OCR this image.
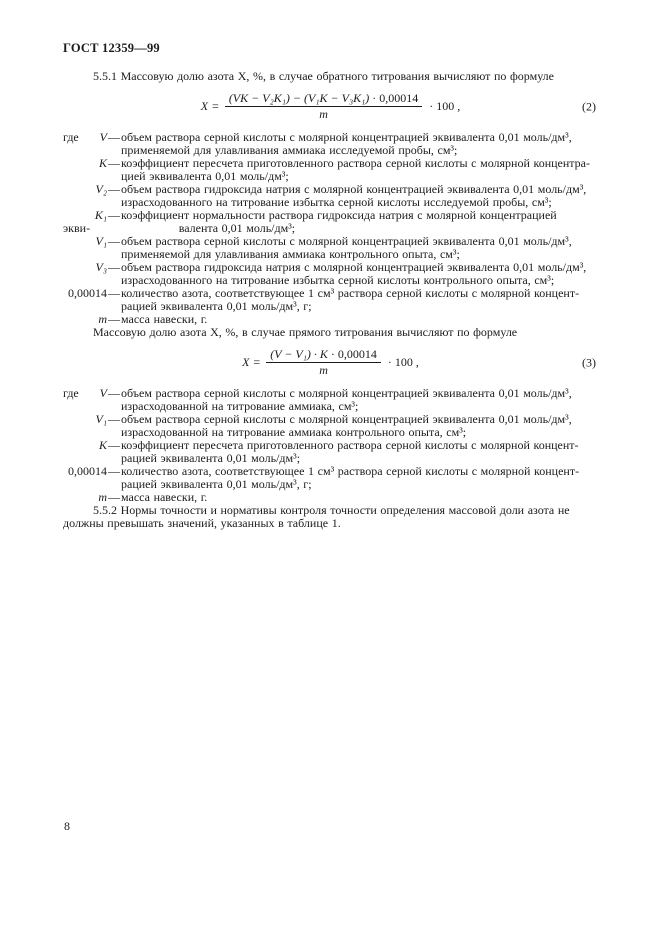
ГОСТ 12359—99

5.5.1 Массовую долю азота X, %, в случае обратного титрования вычисляют по формуле

$X = \frac{\text{(VK − V₂K₁) − (V₁K − V₃K₁) · 0,00014}}{m} \cdot 100$ ,	(2)
где	V — объем раствора серной кислоты с молярной концентрацией эквивалента 0,01 моль/дм³,
применяемой для улавливания аммиака исследуемой пробы, см³;
K — коэффициент пересчета приготовленного раствора серной кислоты с молярной концентра-
цией эквивалента 0,01 моль/дм³;
V₂ — объем раствора гидроксида натрия с молярной концентрацией эквивалента 0,01 моль/дм³,
израсходованного на титрование избытка серной кислоты исследуемой пробы, см³;
K₁ — коэффициент нормальности раствора гидроксида натрия с молярной концентрацией
экви-	валента 0,01 моль/дм³;
V₁ — объем раствора серной кислоты с молярной концентрацией эквивалента 0,01 моль/дм³,
применяемой для улавливания аммиака контрольного опыта, см³;
V₃ — объем раствора гидроксида натрия с молярной концентрацией эквивалента 0,01 моль/дм³,
израсходованного на титрование избытка серной кислоты контрольного опыта, см³;
0,00014 — количество азота, соответствующее 1 см³ раствора серной кислоты с молярной концент-
рацией эквивалента 0,01 моль/дм³, г;
m — масса навески, г.

Массовую долю азота X, %, в случае прямого титрования вычисляют по формуле

$X = \frac{\text{(V − V₁) · K · 0,00014}}{m} \cdot 100$ ,	(3)
где	V — объем раствора серной кислоты с молярной концентрацией эквивалента 0,01 моль/дм³,
израсходованной на титрование аммиака, см³;
V₁ — объем раствора серной кислоты с молярной концентрацией эквивалента 0,01 моль/дм³,
израсходованной на титрование аммиака контрольного опыта, см³;
K — коэффициент пересчета приготовленного раствора серной кислоты с молярной концент-
рацией эквивалента 0,01 моль/дм³;
0,00014 — количество азота, соответствующее 1 см³ раствора серной кислоты с молярной концент-
рацией эквивалента 0,01 моль/дм³, г;
m — масса навески, г.

5.5.2 Нормы точности и нормативы контроля точности определения массовой доли азота не
должны превышать значений, указанных в таблице 1.

8
